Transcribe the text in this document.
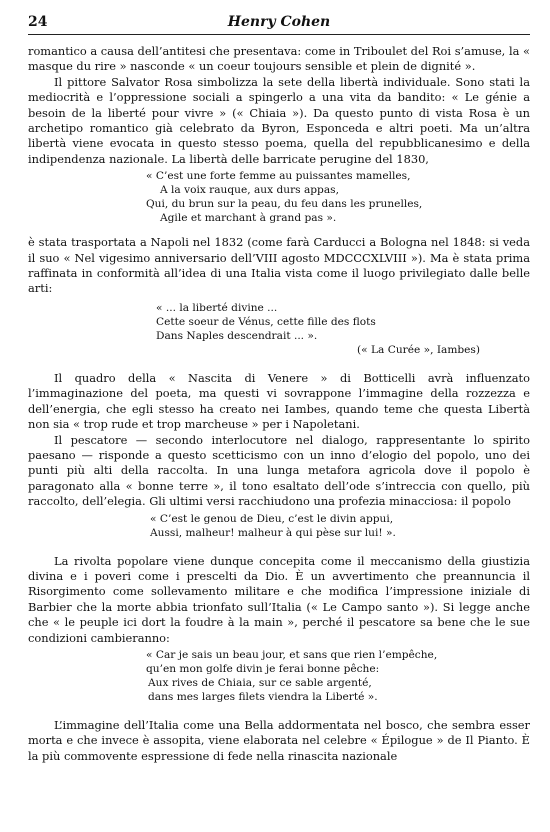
24	Henry Cohen

romantico a causa dell’antitesi che presentava: come in Triboulet del Roi s’amuse, la « masque du rire » nasconde « un coeur toujours sensible et plein de dignité ».

Il pittore Salvator Rosa simbolizza la sete della libertà individuale. Sono stati la mediocrità e l’oppressione sociali a spingerlo a una vita da bandito: « Le génie a besoin de la liberté pour vivre » (« Chiaia »). Da questo punto di vista Rosa è un archetipo romantico già celebrato da Byron, Esponceda e altri poeti. Ma un’altra libertà viene evocata in questo stesso poema, quella del repubblicanesimo e della indipendenza nazionale. La libertà delle barricate perugine del 1830,

« C’est une forte femme au puissantes mamelles,
A la voix rauque, aux durs appas,
Qui, du brun sur la peau, du feu dans les prunelles,
Agile et marchant à grand pas ».

è stata trasportata a Napoli nel 1832 (come farà Carducci a Bologna nel 1848: si veda il suo « Nel vigesimo anniversario dell’VIII agosto MDCCCXLVIII »). Ma è stata prima raffinata in conformità all’idea di una Italia vista come il luogo privilegiato dalle belle arti:

« ... la liberté divine ...
Cette soeur de Vénus, cette fille des flots
Dans Naples descendrait ... ».
(« La Curée », Iambes)

Il quadro della « Nascita di Venere » di Botticelli avrà influenzato l’immaginazione del poeta, ma questi vi sovrappone l’immagine della rozzezza e dell’energia, che egli stesso ha creato nei Iambes, quando teme che questa Libertà non sia « trop rude et trop marcheuse » per i Napoletani.

Il pescatore — secondo interlocutore nel dialogo, rappresentante lo spirito paesano — risponde a questo scetticismo con un inno d’elogio del popolo, uno dei punti più alti della raccolta. In una lunga metafora agricola dove il popolo è paragonato alla « bonne terre », il tono esaltato dell’ode s’intreccia con quello, più raccolto, dell’elegia. Gli ultimi versi racchiudono una profezia minacciosa: il popolo

« C’est le genou de Dieu, c’est le divin appui,
Aussi, malheur! malheur à qui pèse sur lui! ».

La rivolta popolare viene dunque concepita come il meccanismo della giustizia divina e i poveri come i prescelti da Dio. È un avvertimento che preannuncia il Risorgimento come sollevamento militare e che modifica l’impressione iniziale di Barbier che la morte abbia trionfato sull’Italia (« Le Campo santo »). Si legge anche che « le peuple ici dort la foudre à la main », perché il pescatore sa bene che le sue condizioni cambieranno:

« Car je sais un beau jour, et sans que rien l’empêche,
qu’en mon golfe divin je ferai bonne pêche:
Aux rives de Chiaia, sur ce sable argenté,
dans mes larges filets viendra la Liberté ».

L’immagine dell’Italia come una Bella addormentata nel bosco, che sembra esser morta e che invece è assopita, viene elaborata nel celebre « Épilogue » de Il Pianto. È la più commovente espressione di fede nella rinascita nazionale
